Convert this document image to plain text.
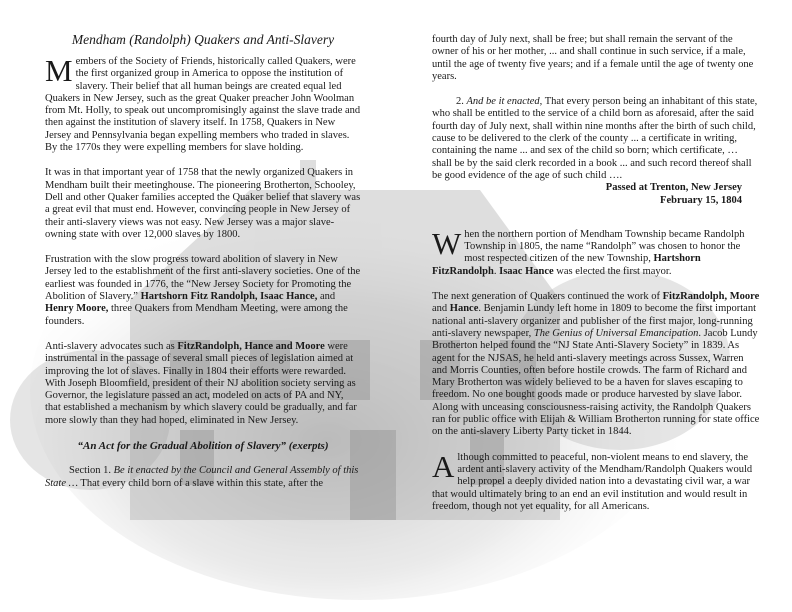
Mendham (Randolph) Quakers and Anti-Slavery

Members of the Society of Friends, historically called Quakers, were the first organized group in America to oppose the institution of slavery. Their belief that all human beings are created equal led Quakers in New Jersey, such as the great Quaker preacher John Woolman from Mt. Holly, to speak out uncompromisingly against the slave trade and then against the institution of slavery itself. In 1758, Quakers in New Jersey and Pennsylvania began expelling members who traded in slaves. By the 1770s they were expelling members for slave holding.

It was in that important year of 1758 that the newly organized Quakers in Mendham built their meetinghouse. The pioneering Brotherton, Schooley, Dell and other Quaker families accepted the Quaker belief that slavery was a great evil that must end. However, convincing people in New Jersey of their anti-slavery views was not easy. New Jersey was a major slave-owning state with over 12,000 slaves by 1800.

Frustration with the slow progress toward abolition of slavery in New Jersey led to the establishment of the first anti-slavery societies. One of the earliest was founded in 1776, the “New Jersey Society for Promoting the Abolition of Slavery.” Hartshorn Fitz Randolph, Isaac Hance, and Henry Moore, three Quakers from Mendham Meeting, were among the founders.

Anti-slavery advocates such as FitzRandolph, Hance and Moore were instrumental in the passage of several small pieces of legislation aimed at improving the lot of slaves. Finally in 1804 their efforts were rewarded. With Joseph Bloomfield, president of their NJ abolition society serving as Governor, the legislature passed an act, modeled on acts of PA and NY, that established a mechanism by which slavery could be gradually, and far more slowly than they had hoped, eliminated in New Jersey.

“An Act for the Gradual Abolition of Slavery” (exerpts)

Section 1. Be it enacted by the Council and General Assembly of this State … That every child born of a slave within this state, after the

fourth day of July next, shall be free; but shall remain the servant of the owner of his or her mother, ... and shall continue in such service, if a male, until the age of twenty five years; and if a female until the age of twenty one years.

2. And be it enacted, That every person being an inhabitant of this state, who shall be entitled to the service of a child born as aforesaid, after the said fourth day of July next, shall within nine months after the birth of such child, cause to be delivered to the clerk of the county ... a certificate in writing, containing the name ... and sex of the child so born; which certificate, … shall be by the said clerk recorded in a book ... and such record thereof shall be good evidence of the age of such child ….

Passed at Trenton, New Jersey
February 15, 1804

When the northern portion of Mendham Township became Randolph Township in 1805, the name “Randolph” was chosen to honor the most respected citizen of the new Township, Hartshorn FitzRandolph. Isaac Hance was elected the first mayor.

The next generation of Quakers continued the work of FitzRandolph, Moore and Hance. Benjamin Lundy left home in 1809 to become the first important national anti-slavery organizer and publisher of the first major, long-running anti-slavery newspaper, The Genius of Universal Emancipation. Jacob Lundy Brotherton helped found the “NJ State Anti-Slavery Society” in 1839. As agent for the NJSAS, he held anti-slavery meetings across Sussex, Warren and Morris Counties, often before hostile crowds. The farm of Richard and Mary Brotherton was widely believed to be a haven for slaves escaping to freedom. No one bought goods made or produce harvested by slave labor. Along with unceasing consciousness-raising activity, the Randolph Quakers ran for public office with Elijah & William Brotherton running for state office on the anti-slavery Liberty Party ticket in 1844.

Although committed to peaceful, non-violent means to end slavery, the ardent anti-slavery activity of the Mendham/Randolph Quakers would help propel a deeply divided nation into a devastating civil war, a war that would ultimately bring to an end an evil institution and would result in freedom, though not yet equality, for all Americans.
